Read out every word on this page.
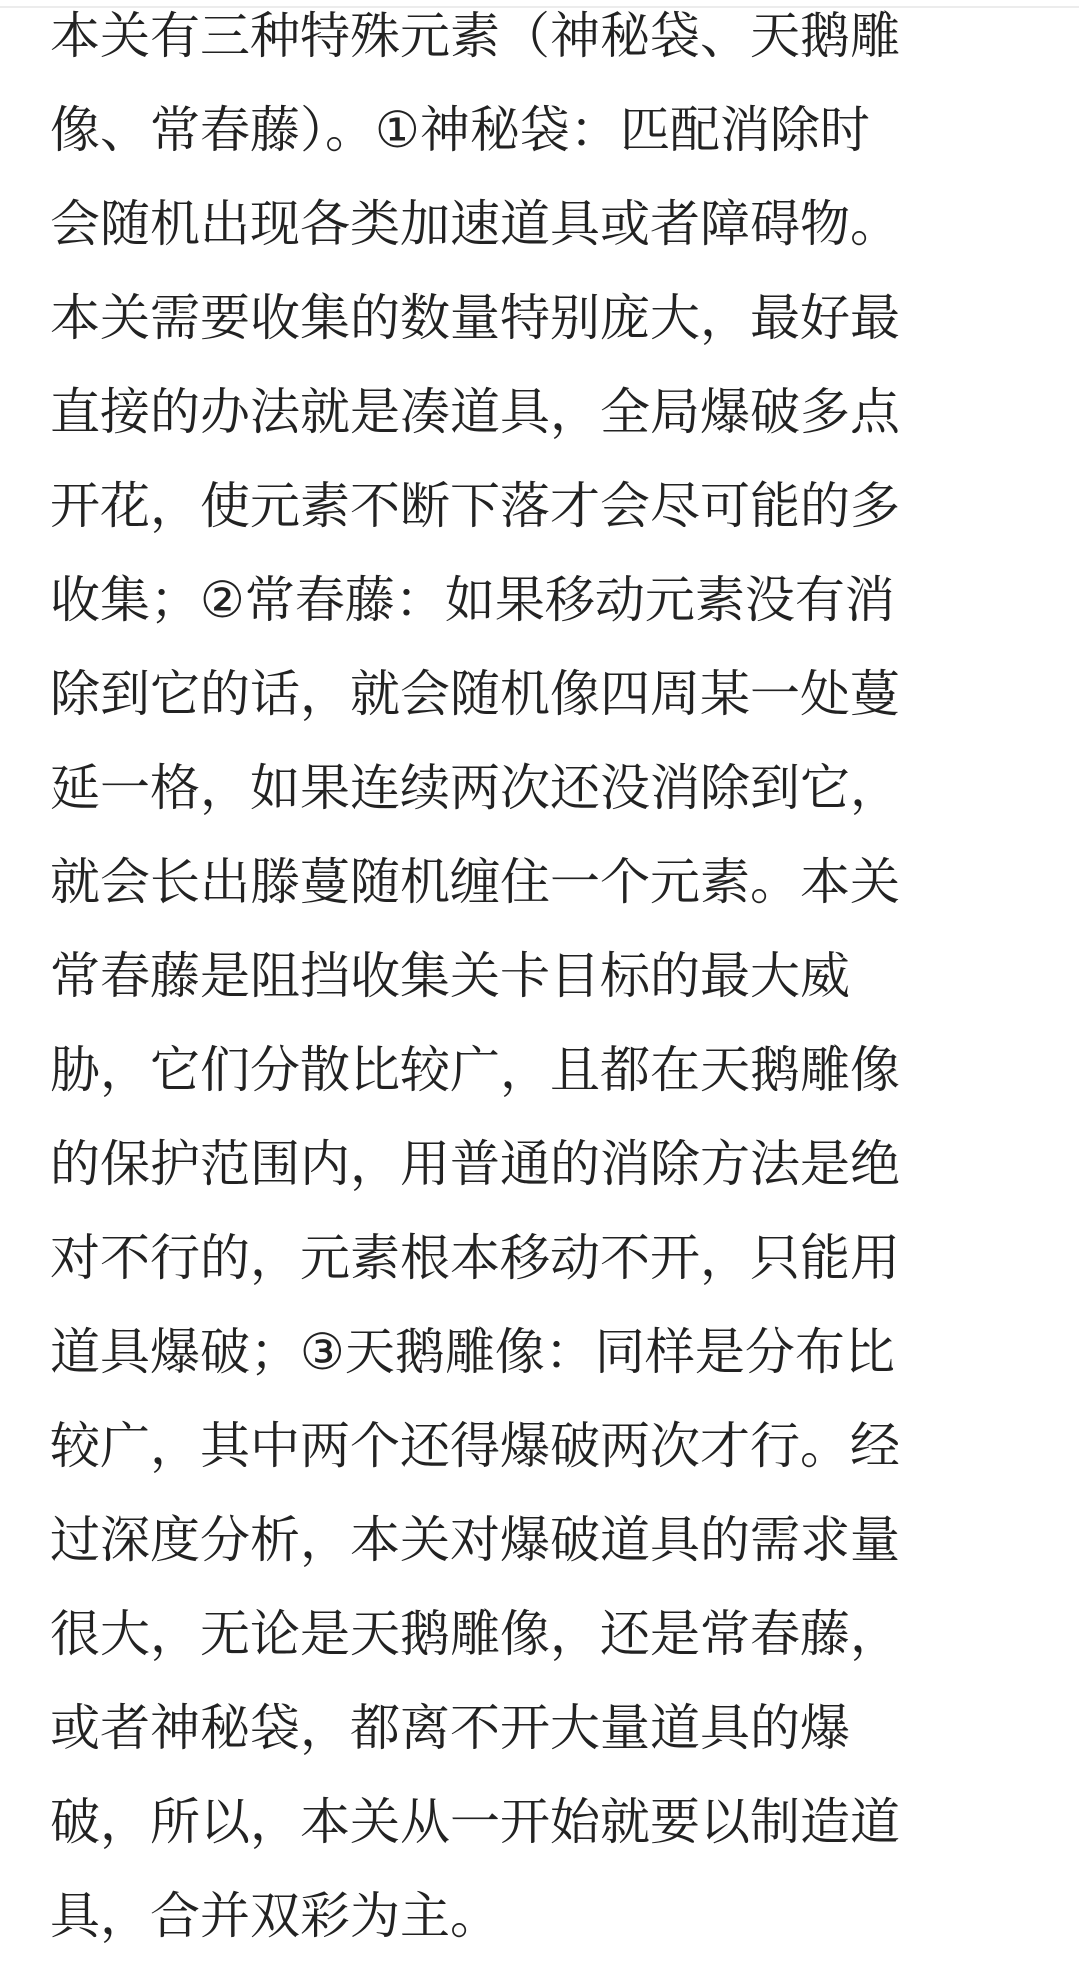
本关有三种特殊元素（神秘袋、天鹅雕
像、常春藤）。①神秘袋：匹配消除时
会随机出现各类加速道具或者障碍物。
本关需要收集的数量特别庞大，最好最
直接的办法就是凑道具，全局爆破多点
开花，使元素不断下落才会尽可能的多
收集；②常春藤：如果移动元素没有消
除到它的话，就会随机像四周某一处蔓
延一格，如果连续两次还没消除到它，
就会长出滕蔓随机缠住一个元素。本关
常春藤是阻挡收集关卡目标的最大威
胁，它们分散比较广，且都在天鹅雕像
的保护范围内，用普通的消除方法是绝
对不行的，元素根本移动不开，只能用
道具爆破；③天鹅雕像：同样是分布比
较广，其中两个还得爆破两次才行。经
过深度分析，本关对爆破道具的需求量
很大，无论是天鹅雕像，还是常春藤，
或者神秘袋，都离不开大量道具的爆
破，所以，本关从一开始就要以制造道
具，合并双彩为主。
